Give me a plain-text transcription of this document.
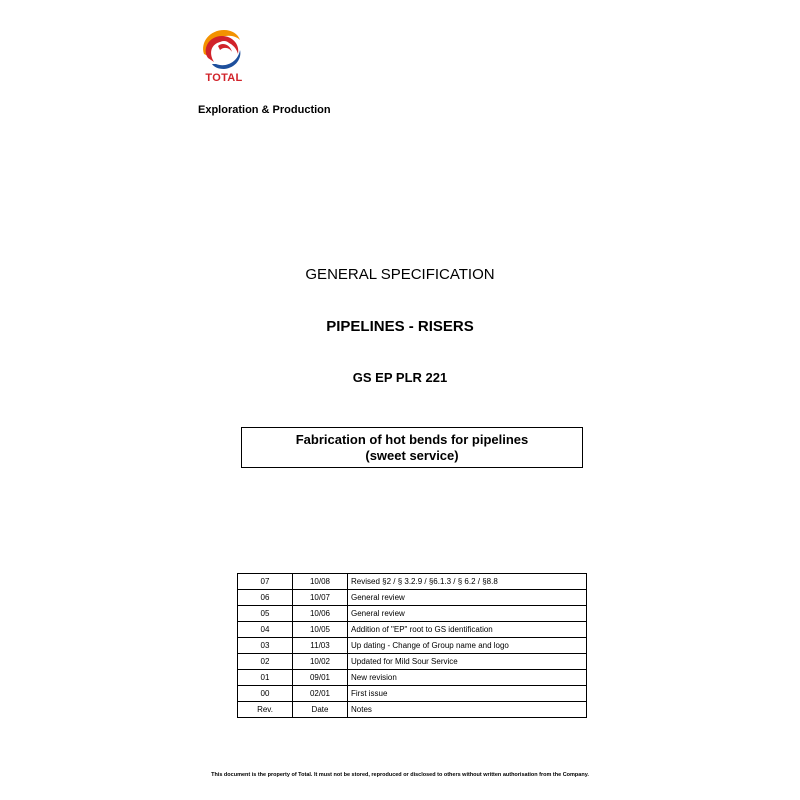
TOTAL
Exploration & Production
GENERAL SPECIFICATION
PIPELINES - RISERS
GS EP PLR 221
Fabrication of hot bends for pipelines
(sweet service)
07	10/08	Revised §2 / § 3.2.9 / §6.1.3 / § 6.2 / §8.8
06	10/07	General review
05	10/06	General review
04	10/05	Addition of "EP" root to GS identification
03	11/03	Up dating - Change of Group name and logo
02	10/02	Updated for Mild Sour Service
01	09/01	New revision
00	02/01	First issue
Rev.	Date	Notes
This document is the property of Total. It must not be stored, reproduced or disclosed to others without written authorisation from the Company.
